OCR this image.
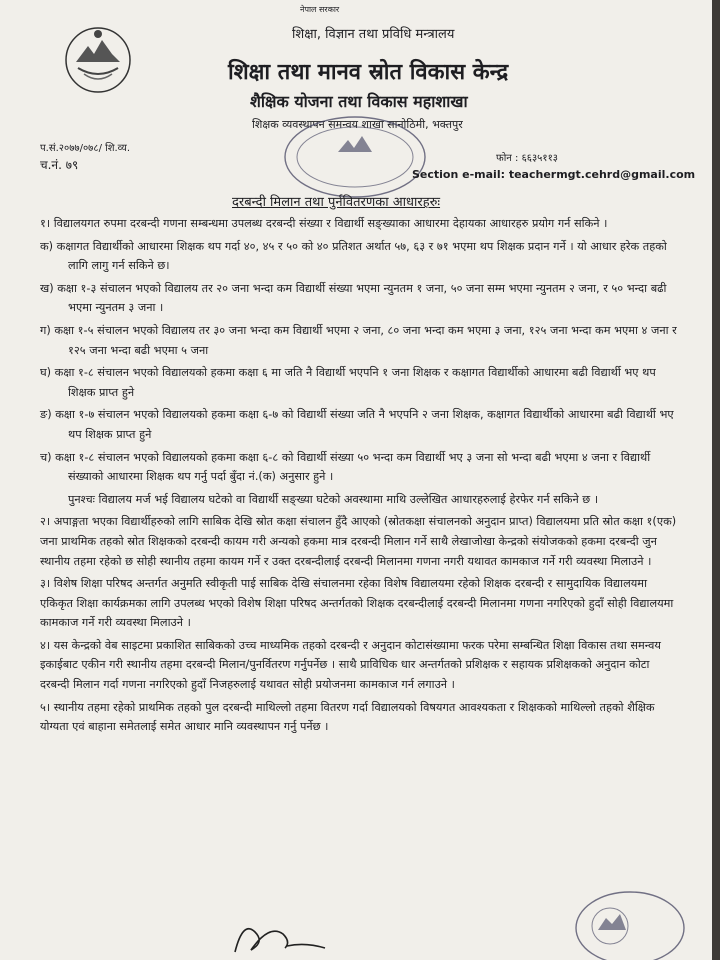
नेपाल सरकार
शिक्षा, विज्ञान तथा प्रविधि मन्त्रालय
शिक्षा तथा मानव स्रोत विकास केन्द्र
शैक्षिक योजना तथा विकास महाशाखा
शिक्षक व्यवस्थापन समन्वय शाखा सानोठिमी, भक्तपुर
प.सं.२०७७/०७८/ शि.व्य.
च.नं. ७९	फोन : ६६३५११३
Section e-mail: teachermgt.cehrd@gmail.com
दरबन्दी मिलान तथा पुर्नवितरणका आधारहरुः

१। विद्यालयगत रुपमा दरबन्दी गणना सम्बन्धमा उपलब्ध दरबन्दी संख्या र विद्यार्थी सङ्ख्याका आधारमा देहायका आधारहरु प्रयोग गर्न सकिने ।

क) कक्षागत विद्यार्थीको आधारमा शिक्षक थप गर्दा ४०, ४५ र ५० को ४० प्रतिशत अर्थात ५७, ६३ र ७१ भएमा थप शिक्षक प्रदान गर्ने । यो आधार हरेक तहको लागि लागु गर्न सकिने छ।

ख) कक्षा १-३ संचालन भएको विद्यालय तर २० जना भन्दा कम विद्यार्थी संख्या भएमा न्युनतम १ जना, ५० जना सम्म भएमा न्युनतम २ जना, र ५० भन्दा बढी भएमा न्युनतम ३ जना ।

ग) कक्षा १-५ संचालन भएको विद्यालय तर ३० जना भन्दा कम विद्यार्थी भएमा २ जना, ८० जना भन्दा कम भएमा ३ जना, १२५ जना भन्दा कम भएमा ४ जना र १२५ जना भन्दा बढी भएमा ५ जना

घ) कक्षा १-८ संचालन भएको विद्यालयको हकमा कक्षा ६ मा जति नै विद्यार्थी भएपनि १ जना शिक्षक र कक्षागत विद्यार्थीको आधारमा बढी विद्यार्थी भए थप शिक्षक प्राप्त हुने

ङ) कक्षा १-७ संचालन भएको विद्यालयको हकमा कक्षा ६-७ को विद्यार्थी संख्या जति नै भएपनि २ जना शिक्षक, कक्षागत विद्यार्थीको आधारमा बढी विद्यार्थी भए थप शिक्षक प्राप्त हुने

च) कक्षा १-८ संचालन भएको विद्यालयको हकमा कक्षा ६-८ को विद्यार्थी संख्या ५० भन्दा कम विद्यार्थी भए ३ जना सो भन्दा बढी भएमा ४ जना र विद्यार्थी संख्याको आधारमा शिक्षक थप गर्नु पर्दा बुँदा नं.(क) अनुसार हुने ।

पुनश्चः विद्यालय मर्ज भई विद्यालय घटेको वा विद्यार्थी सङ्ख्या घटेको अवस्थामा माथि उल्लेखित आधारहरुलाई हेरफेर गर्न सकिने छ ।

२। अपाङ्गता भएका विद्यार्थीहरुको लागि साबिक देखि स्रोत कक्षा संचालन हुँदै आएको (स्रोतकक्षा संचालनको अनुदान प्राप्त) विद्यालयमा प्रति स्रोत कक्षा १(एक) जना प्राथमिक तहको स्रोत शिक्षकको दरबन्दी कायम गरी अन्यको हकमा मात्र दरबन्दी मिलान गर्ने साथै लेखाजोखा केन्द्रको संयोजकको हकमा दरबन्दी जुन स्थानीय तहमा रहेको छ सोही स्थानीय तहमा कायम गर्ने र उक्त दरबन्दीलाई दरबन्दी मिलानमा गणना नगरी यथावत कामकाज गर्ने गरी व्यवस्था मिलाउने ।

३। विशेष शिक्षा परिषद अन्तर्गत अनुमति स्वीकृती पाई साबिक देखि संचालनमा रहेका विशेष विद्यालयमा रहेको शिक्षक दरबन्दी र सामुदायिक विद्यालयमा एकिकृत शिक्षा कार्यक्रमका लागि उपलब्ध भएको विशेष शिक्षा परिषद अन्तर्गतको शिक्षक दरबन्दीलाई दरबन्दी मिलानमा गणना नगरिएको हुदाँ सोही विद्यालयमा कामकाज गर्ने गरी व्यवस्था मिलाउने ।

४। यस केन्द्रको वेब साइटमा प्रकाशित साबिकको उच्च माध्यमिक तहको दरबन्दी र अनुदान कोटासंख्यामा फरक परेमा सम्बन्धित शिक्षा विकास तथा समन्वय इकाईबाट एकीन गरी स्थानीय तहमा दरबन्दी मिलान/पुनर्वितरण गर्नुपर्नेछ । साथै प्राविधिक धार अन्तर्गतको प्रशिक्षक र सहायक प्रशिक्षकको अनुदान कोटा दरबन्दी मिलान गर्दा गणना नगरिएको हुदाँ निजहरुलाई यथावत सोही प्रयोजनमा कामकाज गर्न लगाउने ।

५। स्थानीय तहमा रहेको प्राथमिक तहको पुल दरबन्दी माथिल्लो तहमा वितरण गर्दा विद्यालयको विषयगत आवश्यकता र शिक्षकको माथिल्लो तहको शैक्षिक योग्यता एवं बाहाना समेतलाई समेत आधार मानि व्यवस्थापन गर्नु पर्नेछ ।
